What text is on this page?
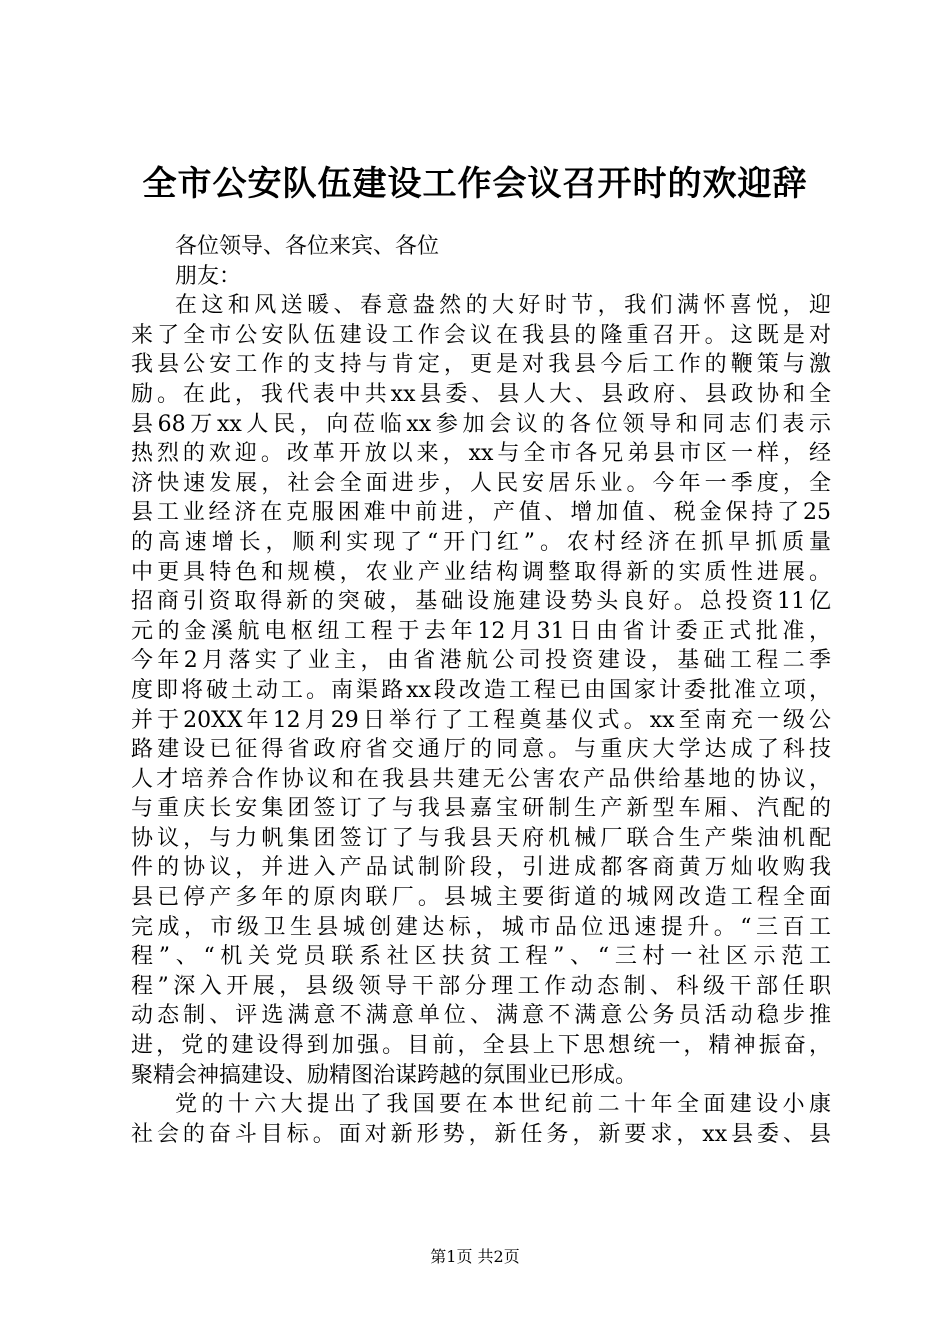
全市公安队伍建设工作会议召开时的欢迎辞
各位领导、各位来宾、各位
朋友：
在这和风送暖、春意盎然的大好时节，我们满怀喜悦，迎
来了全市公安队伍建设工作会议在我县的隆重召开。这既是对
我县公安工作的支持与肯定，更是对我县今后工作的鞭策与激
励。在此，我代表中共xx县委、县人大、县政府、县政协和全
县68万xx人民，向莅临xx参加会议的各位领导和同志们表示
热烈的欢迎。改革开放以来，xx与全市各兄弟县市区一样，经
济快速发展，社会全面进步，人民安居乐业。今年一季度，全
县工业经济在克服困难中前进，产值、增加值、税金保持了25
的高速增长，顺利实现了“开门红”。农村经济在抓早抓质量
中更具特色和规模，农业产业结构调整取得新的实质性进展。
招商引资取得新的突破，基础设施建设势头良好。总投资11亿
元的金溪航电枢纽工程于去年12月31日由省计委正式批准，
今年2月落实了业主，由省港航公司投资建设，基础工程二季
度即将破土动工。南渠路xx段改造工程已由国家计委批准立项，
并于20XX年12月29日举行了工程奠基仪式。xx至南充一级公
路建设已征得省政府省交通厅的同意。与重庆大学达成了科技
人才培养合作协议和在我县共建无公害农产品供给基地的协议，
与重庆长安集团签订了与我县嘉宝研制生产新型车厢、汽配的
协议，与力帆集团签订了与我县天府机械厂联合生产柴油机配
件的协议，并进入产品试制阶段，引进成都客商黄万灿收购我
县已停产多年的原肉联厂。县城主要街道的城网改造工程全面
完成，市级卫生县城创建达标，城市品位迅速提升。“三百工
程”、“机关党员联系社区扶贫工程”、“三村一社区示范工
程”深入开展，县级领导干部分理工作动态制、科级干部任职
动态制、评选满意不满意单位、满意不满意公务员活动稳步推
进，党的建设得到加强。目前，全县上下思想统一，精神振奋，
聚精会神搞建设、励精图治谋跨越的氛围业已形成。
党的十六大提出了我国要在本世纪前二十年全面建设小康
社会的奋斗目标。面对新形势，新任务，新要求，xx县委、县
第1页 共2页
